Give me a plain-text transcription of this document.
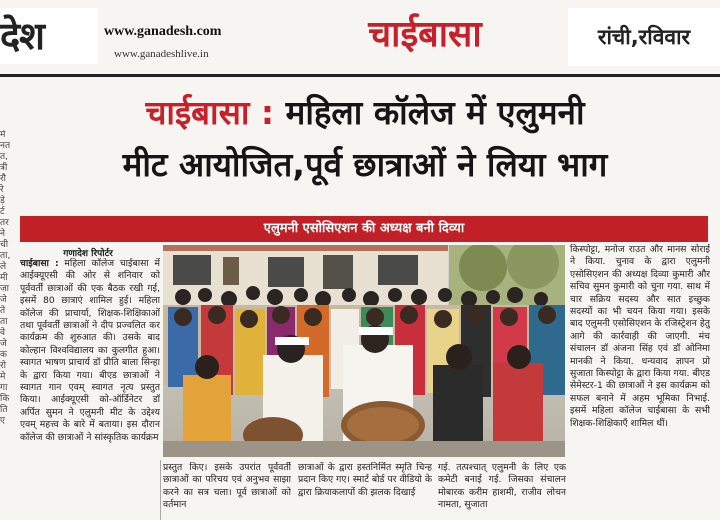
देश	www.ganadesh.com
www.ganadeshlive.in	चाईबासा	रांची,रविवार
मे
नत
त,
त्री
रौ
रे
ड़े
र्ट
तर
ने
ची
ता,
ले
मी
जा
जे
ते
ता
वे
जे
क
रो
मे
गा
कि
ति
ए
चाईबासा : महिला कॉलेज में एलुमनी
मीट आयोजित,पूर्व छात्राओं ने लिया भाग
एलुमनी एसोसिएशन की अध्यक्ष बनी दिव्या
गणादेश रिपोर्टर
चाईबासा : महिला कॉलेज चाईबासा में आईक्यूएसी की ओर से शनिवार को पूर्ववर्ती छात्राओं की एक बैठक रखी गई, इसमें 80 छात्राएं शामिल हुई। महिला कॉलेज की प्राचार्या, शिक्षक-शिक्षिकाओं तथा पूर्ववर्ती छात्राओं ने दीप प्रज्वलित कर कार्यक्रम की शुरुआत की। उसके बाद कोल्हान विश्वविद्यालय का कुलगीत हुआ। स्वागत भाषण प्राचार्य डॉ प्रीति बाला सिन्हा के द्वारा किया गया। बीएड छात्राओं ने स्वागत गान एवम् स्वागत नृत्य प्रस्तुत किया। आईक्यूएसी को-ऑर्डिनेटर डॉ अर्पित सुमन ने एलुमनी मीट के उद्देश्य एवम् महत्त्व के बारे में बताया। इस दौरान कॉलेज की छात्राओं ने सांस्कृतिक कार्यक्रम
प्रस्तुत किए। इसके उपरांत पूर्ववर्ती छात्राओं का परिचय एवं अनुभव साझा करने का सत्र चला। पूर्व छात्राओं को वर्तमान
छात्राओं के द्वारा हस्तनिर्मित स्मृति चिन्ह प्रदान किए गए। स्मार्ट बोर्ड पर वीडियो के द्वारा क्रियाकलापों की झलक दिखाई
गई. तत्पश्चात् एलुमनी के लिए एक कमेटी बनाई गई. जिसका संचालन मोबारक करीम हाशमी, राजीव लोचन नामता, सुजाता
किस्पोट्टा, मनोज राउत और मानस सोराई ने किया. चुनाव के द्वारा एलुमनी एसोसिएशन की अध्यक्ष दिव्या कुमारी और सचिव सुमन कुमारी को चुना गया. साथ में चार सक्रिय सदस्य और सात इच्छुक सदस्यों का भी चयन किया गया। इसके बाद एलुमनी एसोसिएशन के रजिस्ट्रेशन हेतु आगे की कार्रवाही की जाएगी. मंच संचालन डॉ अंजना सिंह एवं डॉ ओनिमा मानकी ने किया. धन्यवाद ज्ञापन प्रो सुजाता किस्पोट्टा के द्वारा किया गया. बीएड सेमेस्टर-1 की छात्राओं ने इस कार्यक्रम को सफल बनाने में अहम भूमिका निभाई. इसमें महिला कॉलेज चाईबासा के सभी शिक्षक-शिक्षिकाएँ शामिल थीं।
